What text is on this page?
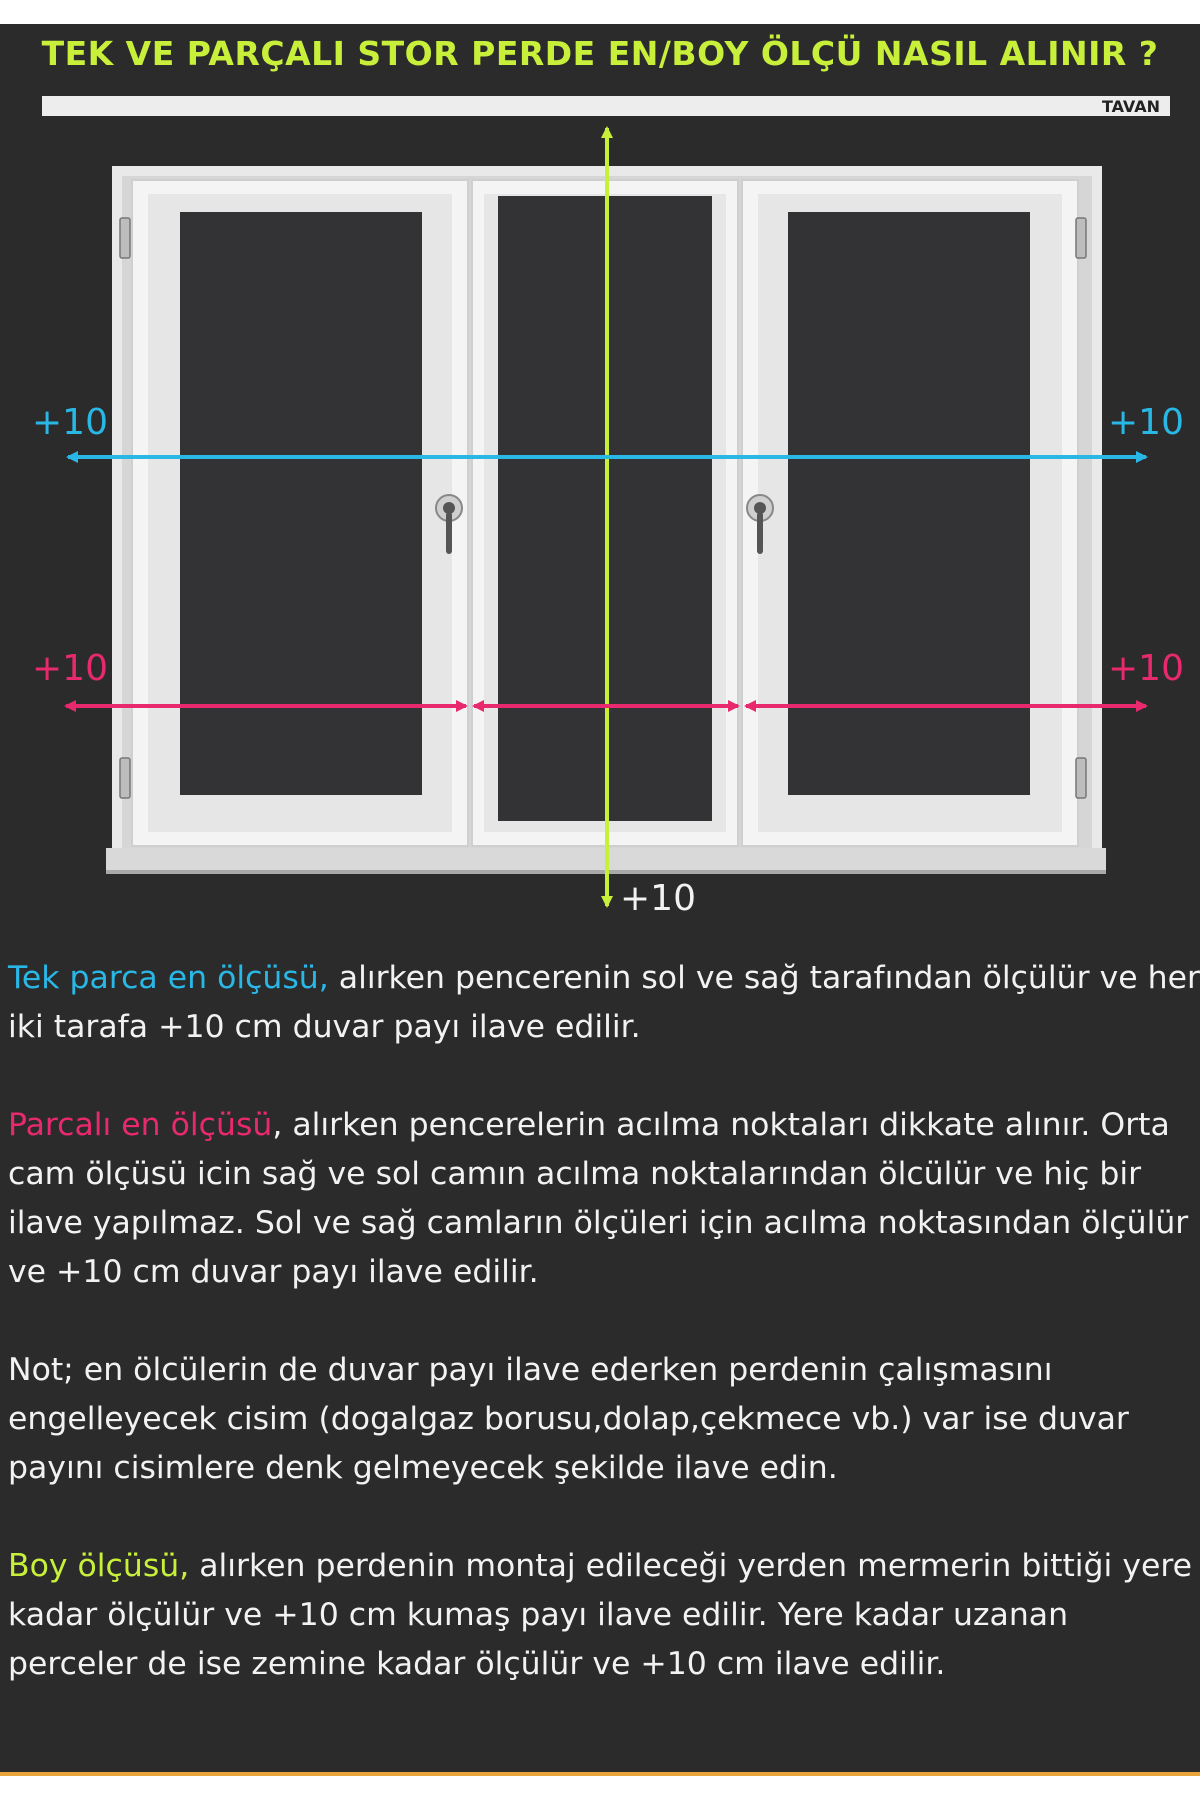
TEK VE PARÇALI STOR PERDE EN/BOY ÖLÇÜ NASIL ALINIR ?
TAVAN
+10	+10
+10	+10
+10

Tek parca en ölçüsü, alırken pencerenin sol ve sağ tarafından ölçülür ve her iki tarafa +10 cm duvar payı ilave edilir.

Parcalı en ölçüsü, alırken pencerelerin acılma noktaları dikkate alınır. Orta cam ölçüsü icin sağ ve sol camın acılma noktalarından ölcülür ve hiç bir ilave yapılmaz. Sol ve sağ camların ölçüleri için acılma noktasından ölçülür ve +10 cm duvar payı ilave edilir.

Not; en ölcülerin de duvar payı ilave ederken perdenin çalışmasını engelleyecek cisim (dogalgaz borusu,dolap,çekmece vb.) var ise duvar payını cisimlere denk gelmeyecek şekilde ilave edin.

Boy ölçüsü, alırken perdenin montaj edileceği yerden mermerin bittiği yere kadar ölçülür ve +10 cm kumaş payı ilave edilir. Yere kadar uzanan perceler de ise zemine kadar ölçülür ve +10 cm ilave edilir.
